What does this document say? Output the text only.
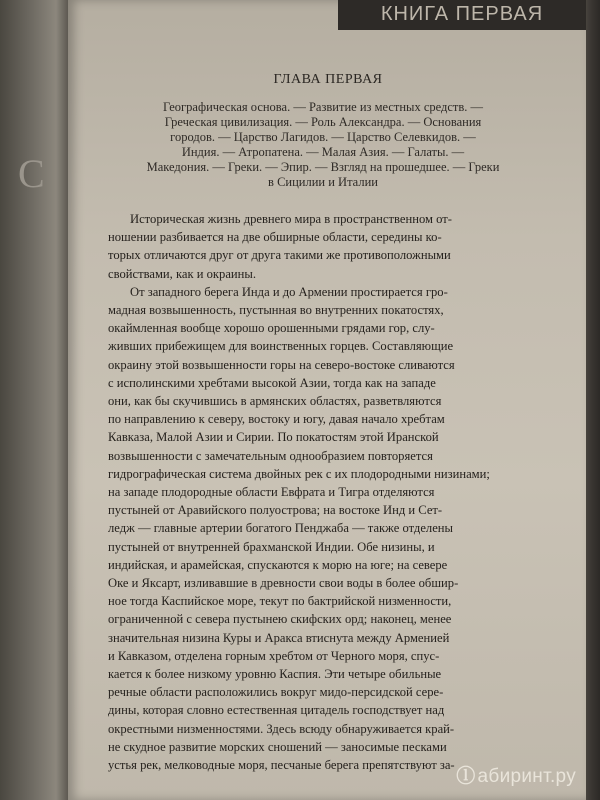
С
КНИГА ПЕРВАЯ
ГЛАВА ПЕРВАЯ
Географическая основа. — Развитие из местных средств. —
Греческая цивилизация. — Роль Александра. — Основания
городов. — Царство Лагидов. — Царство Селевкидов. —
Индия. — Атропатена. — Малая Азия. — Галаты. —
Македония. — Греки. — Эпир. — Взгляд на прошедшее. — Греки
в Сицилии и Италии
Историческая жизнь древнего мира в пространственном от-
ношении разбивается на две обширные области, середины ко-
торых отличаются друг от друга такими же противоположными
свойствами, как и окраины.
От западного берега Инда и до Армении простирается гро-
мадная возвышенность, пустынная во внутренних покатостях,
окаймленная вообще хорошо орошенными грядами гор, слу-
живших прибежищем для воинственных горцев. Составляющие
окраину этой возвышенности горы на северо-востоке сливаются
с исполинскими хребтами высокой Азии, тогда как на западе
они, как бы скучившись в армянских областях, разветвляются
по направлению к северу, востоку и югу, давая начало хребтам
Кавказа, Малой Азии и Сирии. По покатостям этой Иранской
возвышенности с замечательным однообразием повторяется
гидрографическая система двойных рек с их плодородными низинами;
на западе плодородные области Евфрата и Тигра отделяются
пустыней от Аравийского полуострова; на востоке Инд и Сет-
ледж — главные артерии богатого Пенджаба — также отделены
пустыней от внутренней брахманской Индии. Обе низины, и
индийская, и арамейская, спускаются к морю на юге; на севере
Оке и Яксарт, изливавшие в древности свои воды в более обшир-
ное тогда Каспийское море, текут по бактрийской низменности,
ограниченной с севера пустынею скифских орд; наконец, менее
значительная низина Куры и Аракса втиснута между Арменией
и Кавказом, отделена горным хребтом от Черного моря, спус-
кается к более низкому уровню Каспия. Эти четыре обильные
речные области расположились вокруг мидо-персидской сере-
дины, которая словно естественная цитадель господствует над
окрестными низменностями. Здесь всюду обнаруживается край-
не скудное развитие морских сношений — заносимые песками
устья рек, мелководные моря, песчаные берега препятствуют за-
ⓛ абиринт.ру
